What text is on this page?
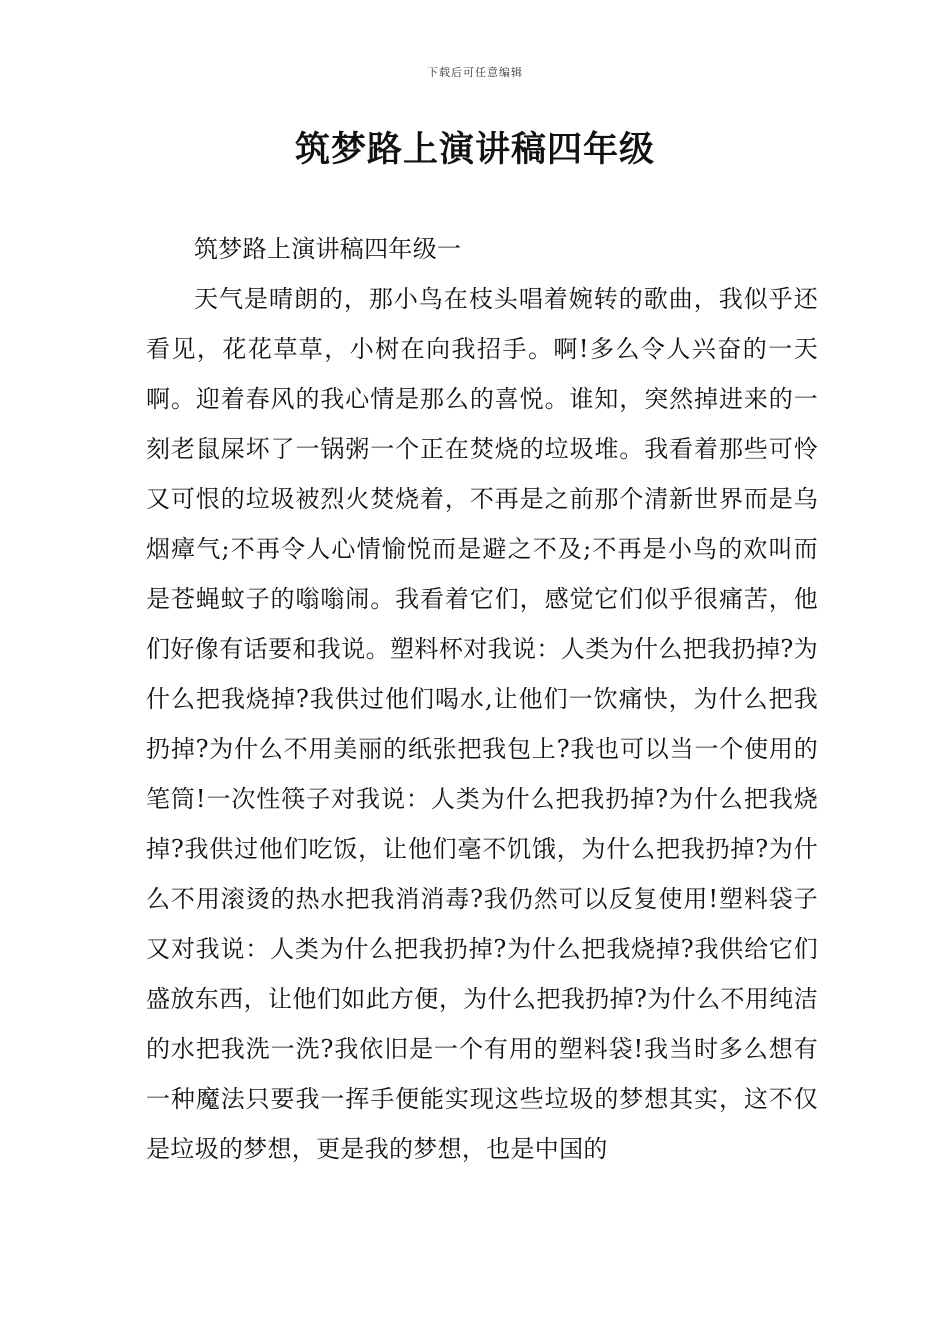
下载后可任意编辑
筑梦路上演讲稿四年级

筑梦路上演讲稿四年级一

天气是晴朗的，那小鸟在枝头唱着婉转的歌曲，我似乎还看见，花花草草，小树在向我招手。啊!多么令人兴奋的一天啊。迎着春风的我心情是那么的喜悦。谁知，突然掉进来的一刻老鼠屎坏了一锅粥一个正在焚烧的垃圾堆。我看着那些可怜又可恨的垃圾被烈火焚烧着，不再是之前那个清新世界而是乌烟瘴气;不再令人心情愉悦而是避之不及;不再是小鸟的欢叫而是苍蝇蚊子的嗡嗡闹。我看着它们，感觉它们似乎很痛苦，他们好像有话要和我说。塑料杯对我说：人类为什么把我扔掉?为什么把我烧掉?我供过他们喝水,让他们一饮痛快，为什么把我扔掉?为什么不用美丽的纸张把我包上?我也可以当一个使用的笔筒!一次性筷子对我说：人类为什么把我扔掉?为什么把我烧掉?我供过他们吃饭，让他们毫不饥饿，为什么把我扔掉?为什么不用滚烫的热水把我消消毒?我仍然可以反复使用!塑料袋子又对我说：人类为什么把我扔掉?为什么把我烧掉?我供给它们盛放东西，让他们如此方便，为什么把我扔掉?为什么不用纯洁的水把我洗一洗?我依旧是一个有用的塑料袋!我当时多么想有一种魔法只要我一挥手便能实现这些垃圾的梦想其实，这不仅是垃圾的梦想，更是我的梦想，也是中国的
